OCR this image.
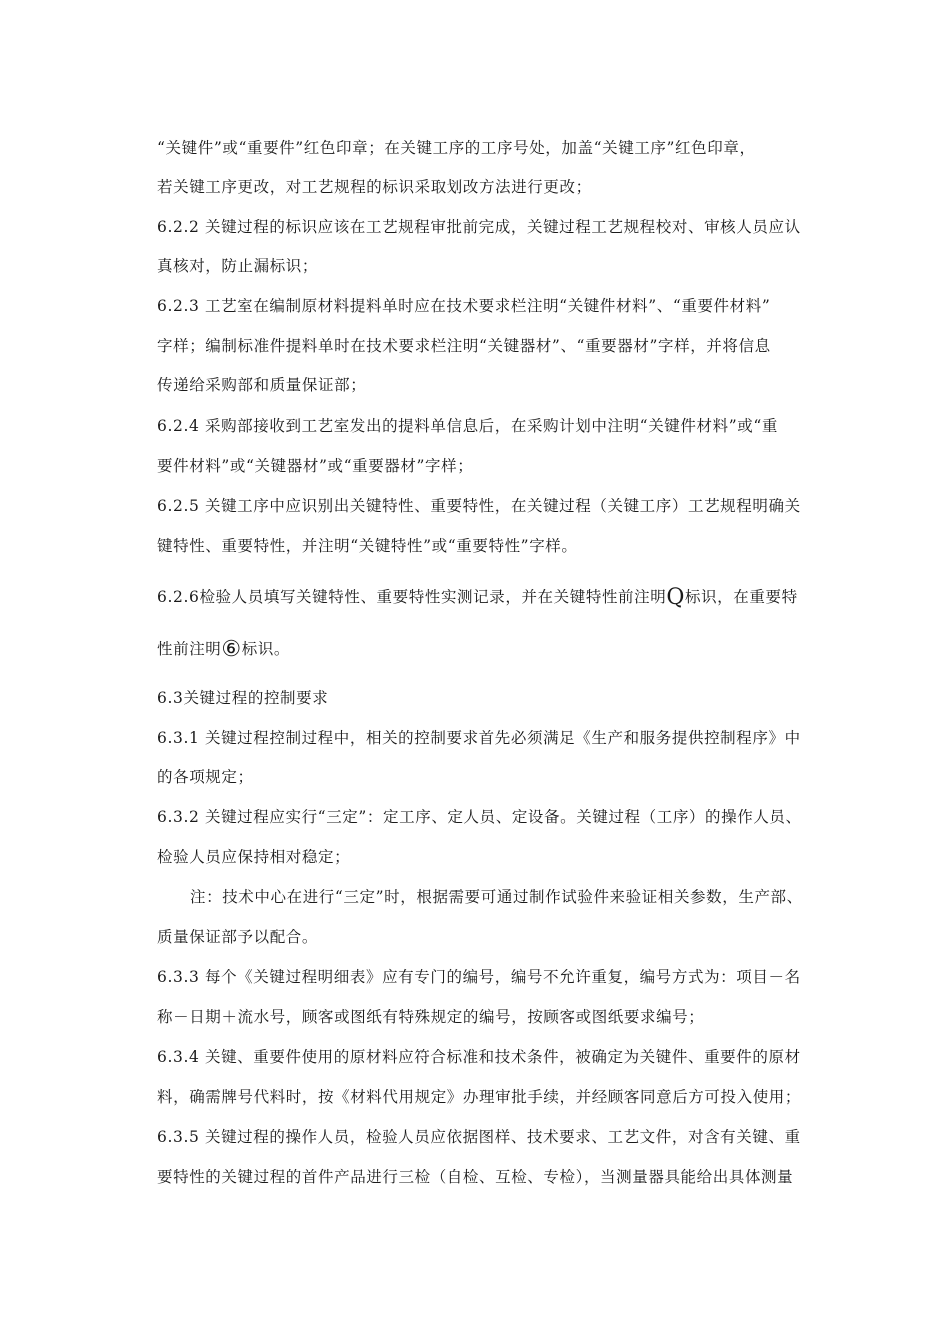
“关键件”或“重要件”红色印章；在关键工序的工序号处，加盖“关键工序”红色印章，
若关键工序更改，对工艺规程的标识采取划改方法进行更改；
6.2.2 关键过程的标识应该在工艺规程审批前完成，关键过程工艺规程校对、审核人员应认
真核对，防止漏标识；
6.2.3 工艺室在编制原材料提料单时应在技术要求栏注明“关键件材料”、“重要件材料”
字样；编制标准件提料单时在技术要求栏注明“关键器材”、“重要器材”字样，并将信息
传递给采购部和质量保证部；
6.2.4 采购部接收到工艺室发出的提料单信息后，在采购计划中注明“关键件材料”或“重
要件材料”或“关键器材”或“重要器材”字样；
6.2.5 关键工序中应识别出关键特性、重要特性，在关键过程（关键工序）工艺规程明确关
键特性、重要特性，并注明“关键特性”或“重要特性”字样。
6.2.6检验人员填写关键特性、重要特性实测记录，并在关键特性前注明Q标识，在重要特
性前注明⑥标识。
6.3关键过程的控制要求
6.3.1 关键过程控制过程中，相关的控制要求首先必须满足《生产和服务提供控制程序》中
的各项规定；
6.3.2 关键过程应实行“三定”：定工序、定人员、定设备。关键过程（工序）的操作人员、
检验人员应保持相对稳定；
注：技术中心在进行“三定”时，根据需要可通过制作试验件来验证相关参数，生产部、
质量保证部予以配合。
6.3.3 每个《关键过程明细表》应有专门的编号，编号不允许重复，编号方式为：项目－名
称－日期＋流水号，顾客或图纸有特殊规定的编号，按顾客或图纸要求编号；
6.3.4 关键、重要件使用的原材料应符合标准和技术条件，被确定为关键件、重要件的原材
料，确需牌号代料时，按《材料代用规定》办理审批手续，并经顾客同意后方可投入使用；
6.3.5 关键过程的操作人员，检验人员应依据图样、技术要求、工艺文件，对含有关键、重
要特性的关键过程的首件产品进行三检（自检、互检、专检），当测量器具能给出具体测量
